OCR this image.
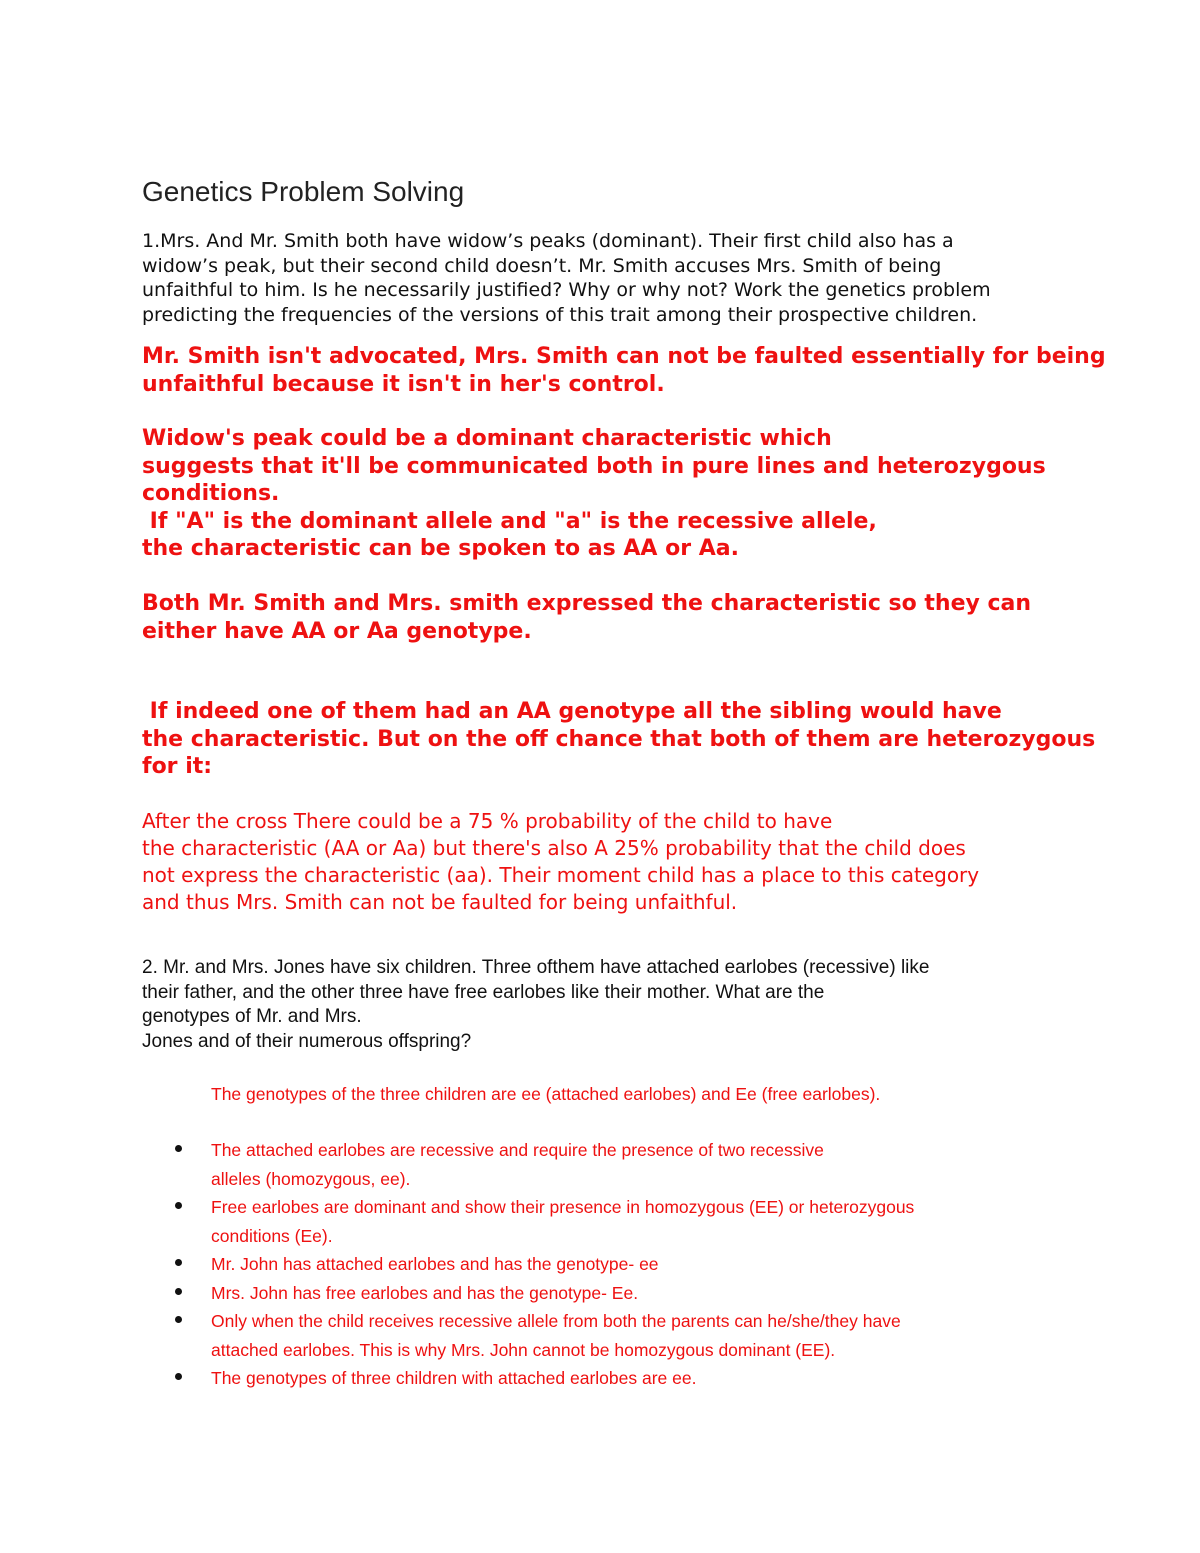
Genetics Problem Solving

1.Mrs. And Mr. Smith both have widow’s peaks (dominant). Their first child also has a
widow’s peak, but their second child doesn’t. Mr. Smith accuses Mrs. Smith of being
unfaithful to him. Is he necessarily justified? Why or why not? Work the genetics problem
predicting the frequencies of the versions of this trait among their prospective children.

Mr. Smith isn't advocated, Mrs. Smith can not be faulted essentially for being
unfaithful because it isn't in her's control.

Widow's peak could be a dominant characteristic which
suggests that it'll be communicated both in pure lines and heterozygous
conditions.
If "A" is the dominant allele and "a" is the recessive allele,
the characteristic can be spoken to as AA or Aa.

Both Mr. Smith and Mrs. smith expressed the characteristic so they can
either have AA or Aa genotype.

If indeed one of them had an AA genotype all the sibling would have
the characteristic. But on the off chance that both of them are heterozygous
for it:

After the cross There could be a 75 % probability of the child to have
the characteristic (AA or Aa) but there's also A 25% probability that the child does
not express the characteristic (aa). Their moment child has a place to this category
and thus Mrs. Smith can not be faulted for being unfaithful.

2. Mr. and Mrs. Jones have six children. Three ofthem have attached earlobes (recessive) like
their father, and the other three have free earlobes like their mother. What are the
genotypes of Mr. and Mrs.
Jones and of their numerous offspring?

The genotypes of the three children are ee (attached earlobes) and Ee (free earlobes).

The attached earlobes are recessive and require the presence of two recessive
alleles (homozygous, ee).
Free earlobes are dominant and show their presence in homozygous (EE) or heterozygous
conditions (Ee).
Mr. John has attached earlobes and has the genotype- ee
Mrs. John has free earlobes and has the genotype- Ee.
Only when the child receives recessive allele from both the parents can he/she/they have
attached earlobes. This is why Mrs. John cannot be homozygous dominant (EE).
The genotypes of three children with attached earlobes are ee.
